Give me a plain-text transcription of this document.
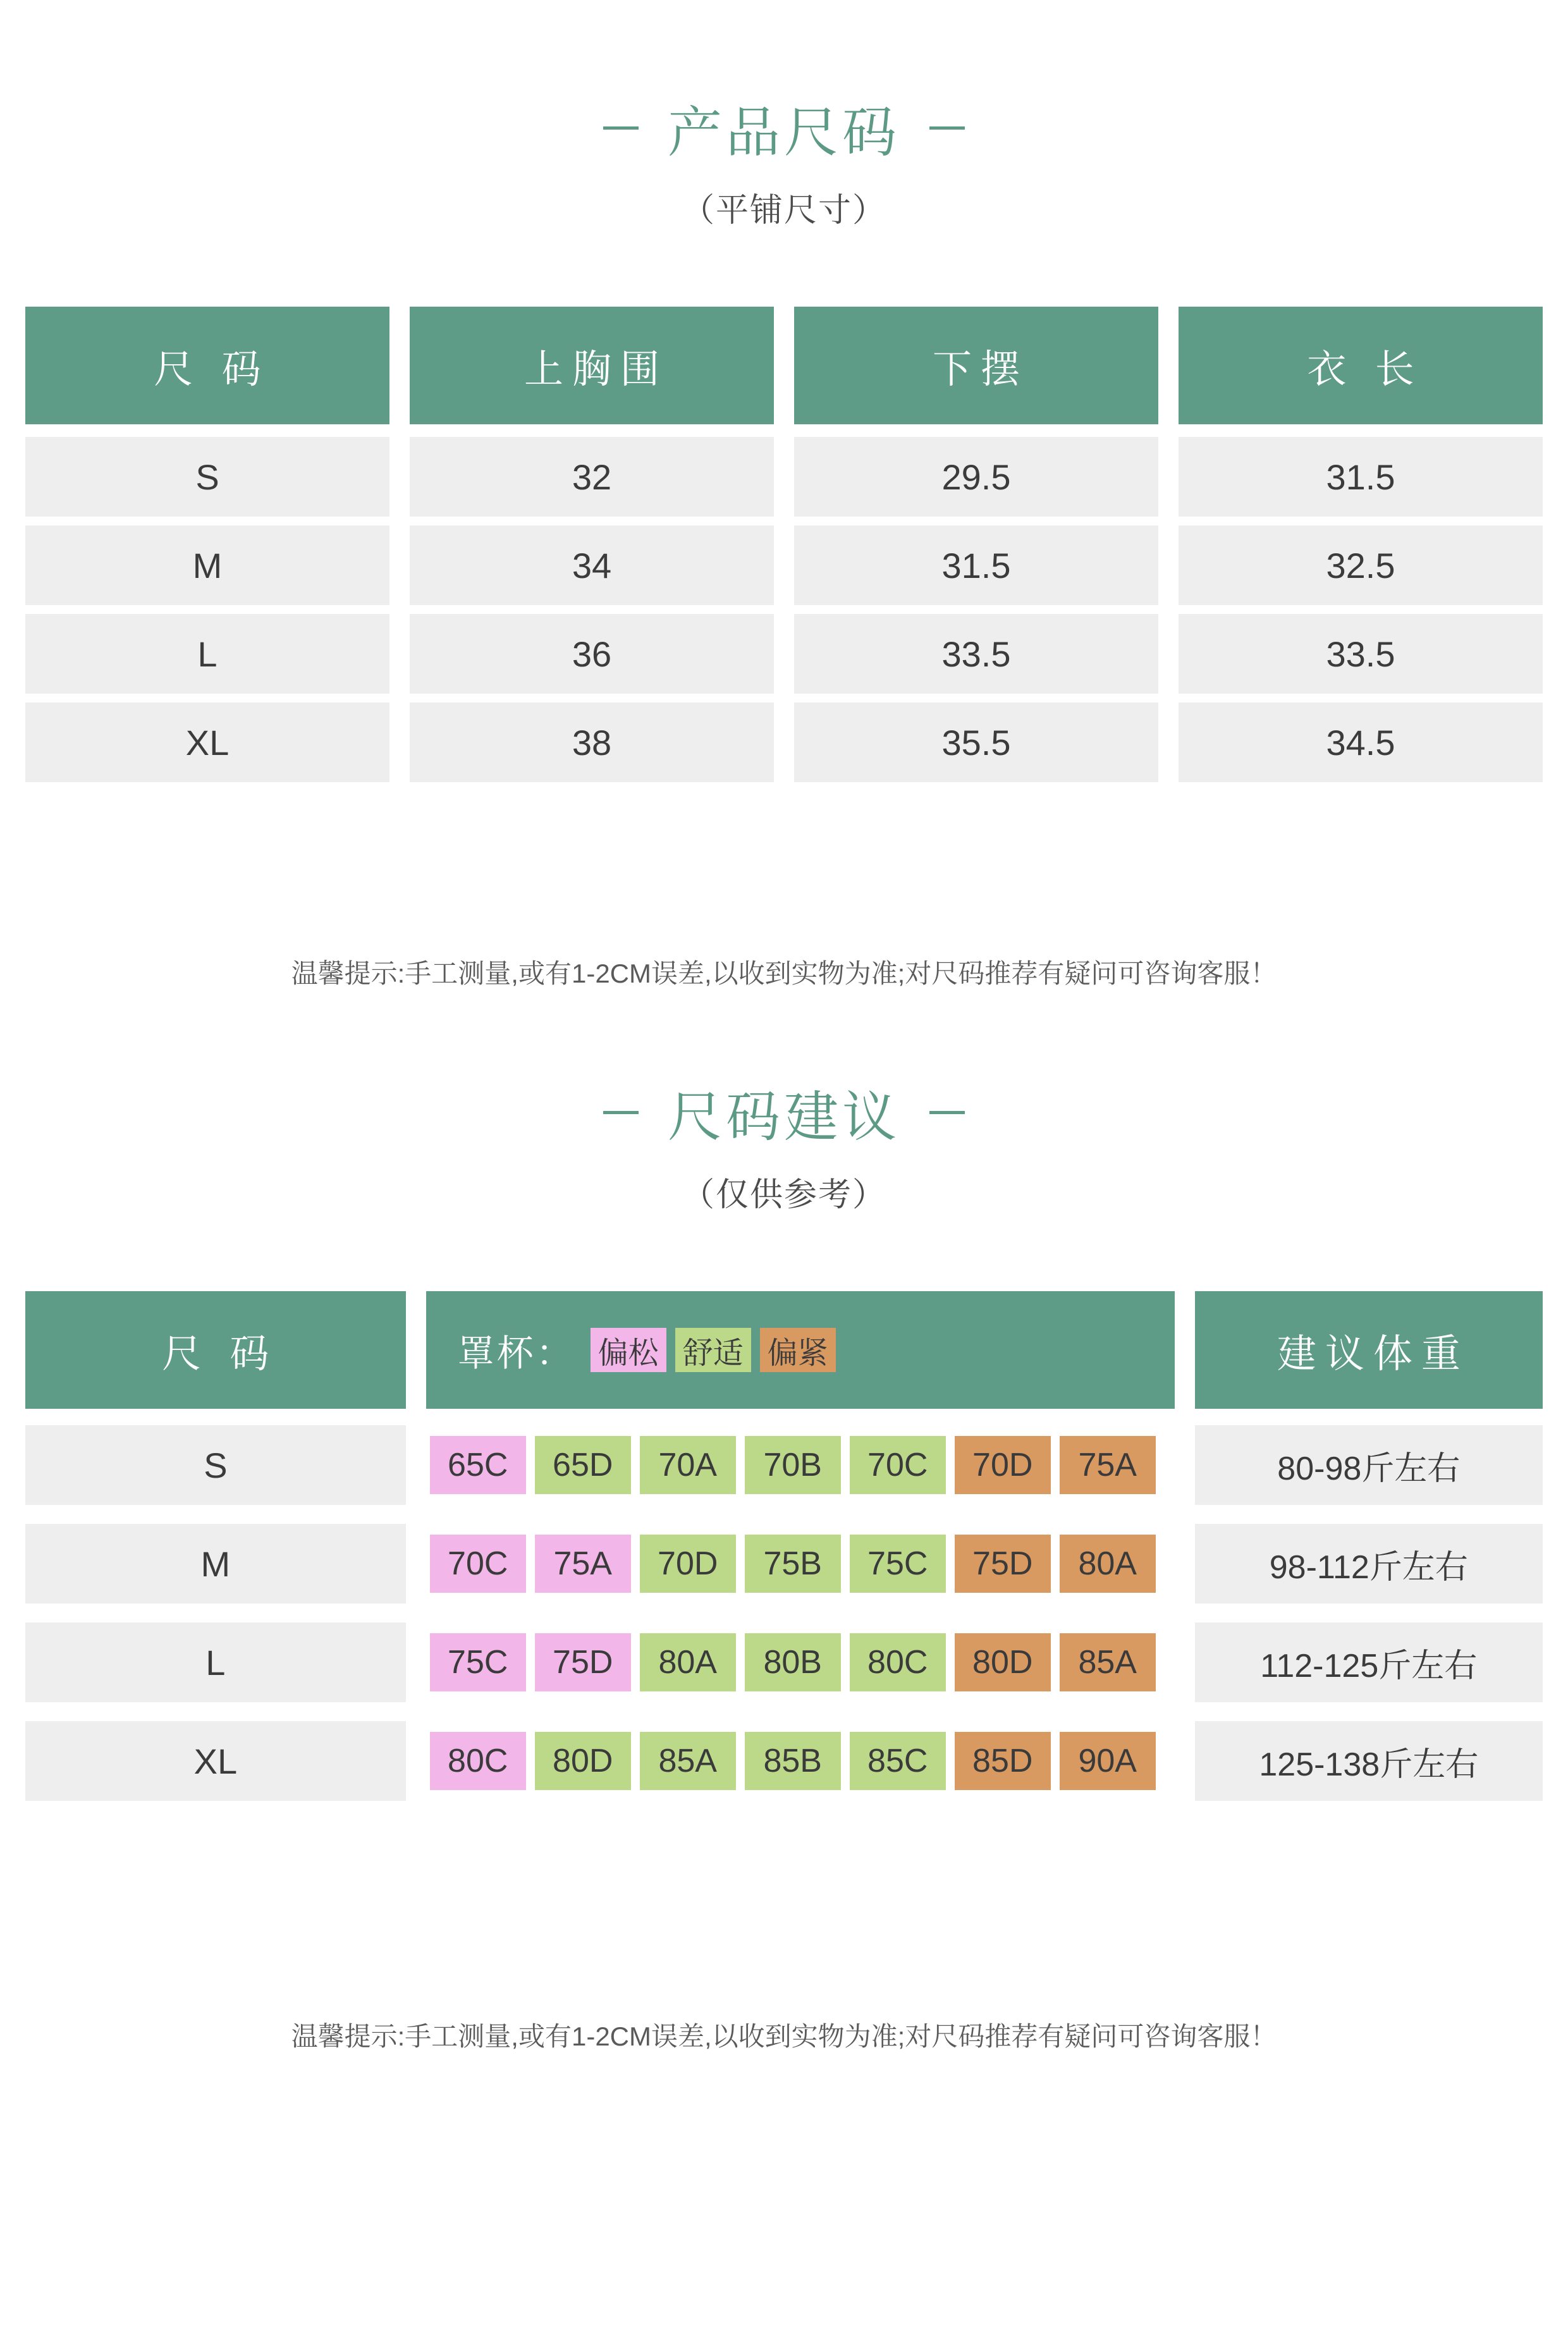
产品尺码
（平铺尺寸）
尺 码	上胸围	下摆	衣 长
S	32	29.5	31.5
M	34	31.5	32.5
L	36	33.5	33.5
XL	38	35.5	34.5
温馨提示:手工测量,或有1-2CM误差,以收到实物为准;对尺码推荐有疑问可咨询客服！
尺码建议
（仅供参考）
尺 码	罩杯： 偏松 舒适 偏紧	建议体重
S	65C	65D	70A	70B	70C	70D	75A	80-98斤左右
M	70C	75A	70D	75B	75C	75D	80A	98-112斤左右
L	75C	75D	80A	80B	80C	80D	85A	112-125斤左右
XL	80C	80D	85A	85B	85C	85D	90A	125-138斤左右
温馨提示:手工测量,或有1-2CM误差,以收到实物为准;对尺码推荐有疑问可咨询客服！
